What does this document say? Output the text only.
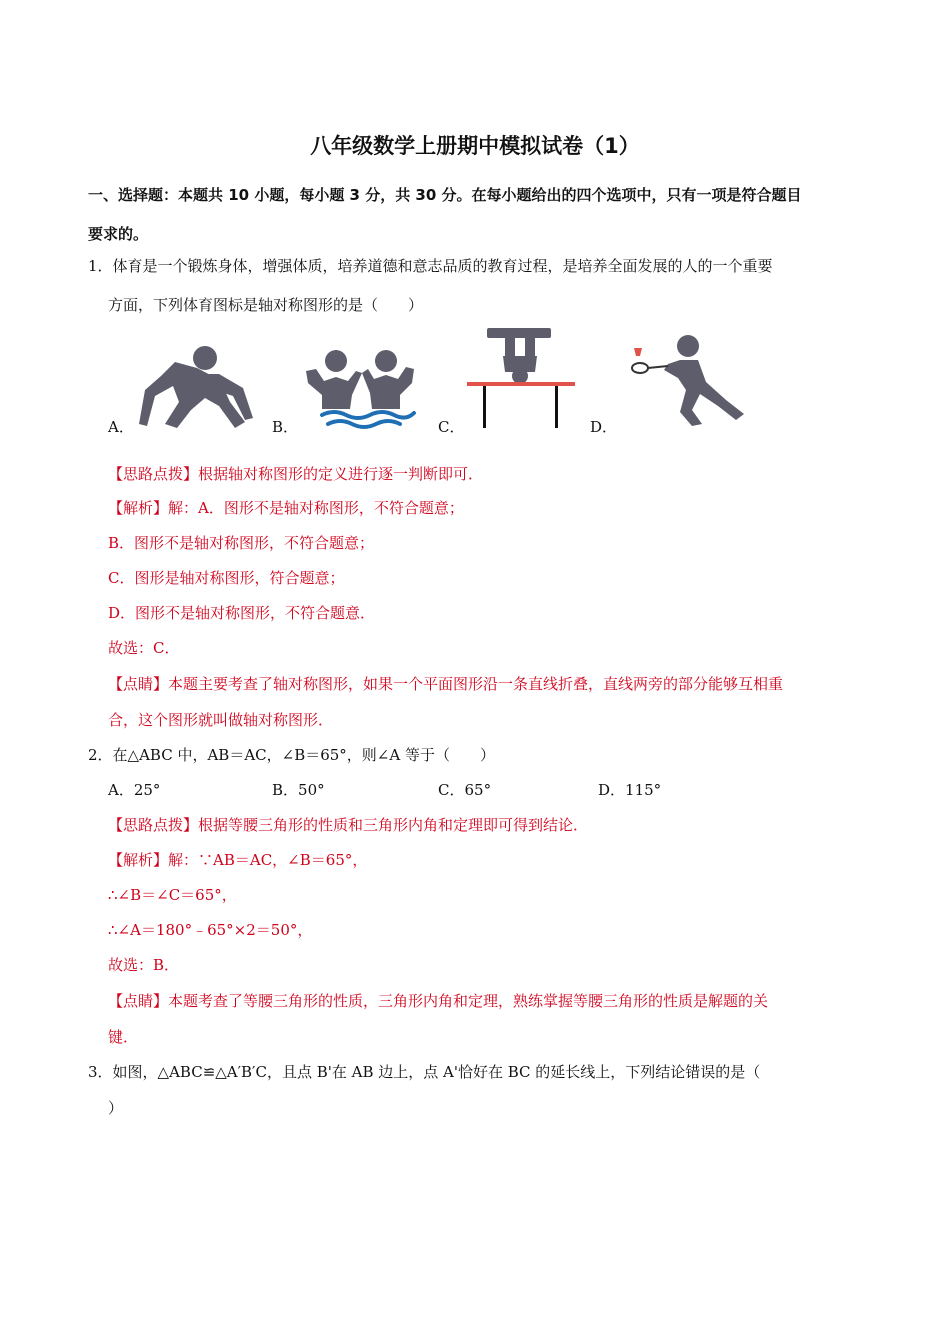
八年级数学上册期中模拟试卷（1）
一、选择题：本题共 10 小题，每小题 3 分，共 30 分。在每小题给出的四个选项中，只有一项是符合题目
要求的。
1．体育是一个锻炼身体，增强体质，培养道德和意志品质的教育过程，是培养全面发展的人的一个重要
方面，下列体育图标是轴对称图形的是（　　）
A．	B．	C．	D．
【思路点拨】根据轴对称图形的定义进行逐一判断即可．
【解析】解：A．图形不是轴对称图形，不符合题意；
B．图形不是轴对称图形，不符合题意；
C．图形是轴对称图形，符合题意；
D．图形不是轴对称图形，不符合题意．
故选：C．
【点睛】本题主要考查了轴对称图形，如果一个平面图形沿一条直线折叠，直线两旁的部分能够互相重
合，这个图形就叫做轴对称图形．
2．在△ABC 中，AB＝AC，∠B＝65°，则∠A 等于（　　）
A．25°	B．50°	C．65°	D．115°
【思路点拨】根据等腰三角形的性质和三角形内角和定理即可得到结论．
【解析】解：∵AB＝AC，∠B＝65°，
∴∠B＝∠C＝65°，
∴∠A＝180°﹣65°×2＝50°，
故选：B．
【点睛】本题考查了等腰三角形的性质，三角形内角和定理，熟练掌握等腰三角形的性质是解题的关
键．
3．如图，△ABC≌△A′B′C，且点 B'在 AB 边上，点 A'恰好在 BC 的延长线上，下列结论错误的是（
）
